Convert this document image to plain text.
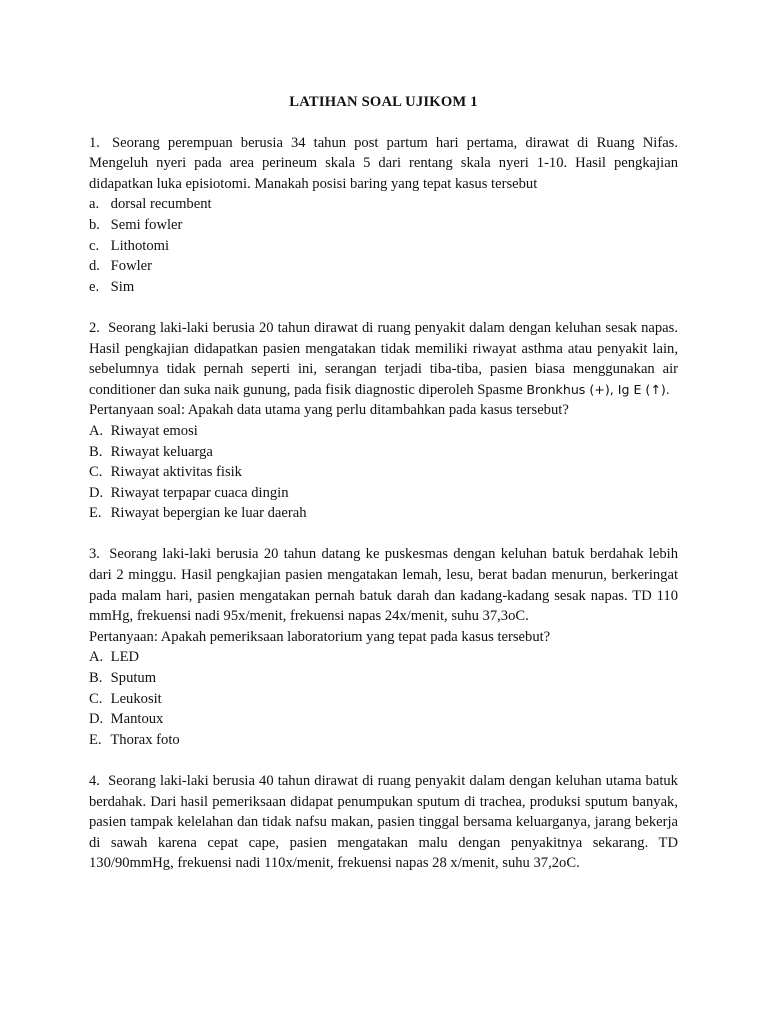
LATIHAN SOAL UJIKOM 1

1. Seorang perempuan berusia 34 tahun post partum hari pertama, dirawat di Ruang Nifas. Mengeluh nyeri pada area perineum skala 5 dari rentang skala nyeri 1-10. Hasil pengkajian didapatkan luka episiotomi. Manakah posisi baring yang tepat kasus tersebut

a. dorsal recumbent
b. Semi fowler
c. Lithotomi
d. Fowler
e. Sim

2. Seorang laki-laki berusia 20 tahun dirawat di ruang penyakit dalam dengan keluhan sesak napas. Hasil pengkajian didapatkan pasien mengatakan tidak memiliki riwayat asthma atau penyakit lain, sebelumnya tidak pernah seperti ini, serangan terjadi tiba-tiba, pasien biasa menggunakan air conditioner dan suka naik gunung, pada fisik diagnostic diperoleh Spasme Bronkhus (+), Ig E (↑).

Pertanyaan soal: Apakah data utama yang perlu ditambahkan pada kasus tersebut?

A. Riwayat emosi
B. Riwayat keluarga
C. Riwayat aktivitas fisik
D. Riwayat terpapar cuaca dingin
E. Riwayat bepergian ke luar daerah

3. Seorang laki-laki berusia 20 tahun datang ke puskesmas dengan keluhan batuk berdahak lebih dari 2 minggu. Hasil pengkajian pasien mengatakan lemah, lesu, berat badan menurun, berkeringat pada malam hari, pasien mengatakan pernah batuk darah dan kadang-kadang sesak napas. TD 110 mmHg, frekuensi nadi 95x/menit, frekuensi napas 24x/menit, suhu 37,3oC.

Pertanyaan: Apakah pemeriksaan laboratorium yang tepat pada kasus tersebut?

A. LED
B. Sputum
C. Leukosit
D. Mantoux
E. Thorax foto

4. Seorang laki-laki berusia 40 tahun dirawat di ruang penyakit dalam dengan keluhan utama batuk berdahak. Dari hasil pemeriksaan didapat penumpukan sputum di trachea, produksi sputum banyak, pasien tampak kelelahan dan tidak nafsu makan, pasien tinggal bersama keluarganya, jarang bekerja di sawah karena cepat cape, pasien mengatakan malu dengan penyakitnya sekarang. TD 130/90mmHg, frekuensi nadi 110x/menit, frekuensi napas 28 x/menit, suhu 37,2oC.
